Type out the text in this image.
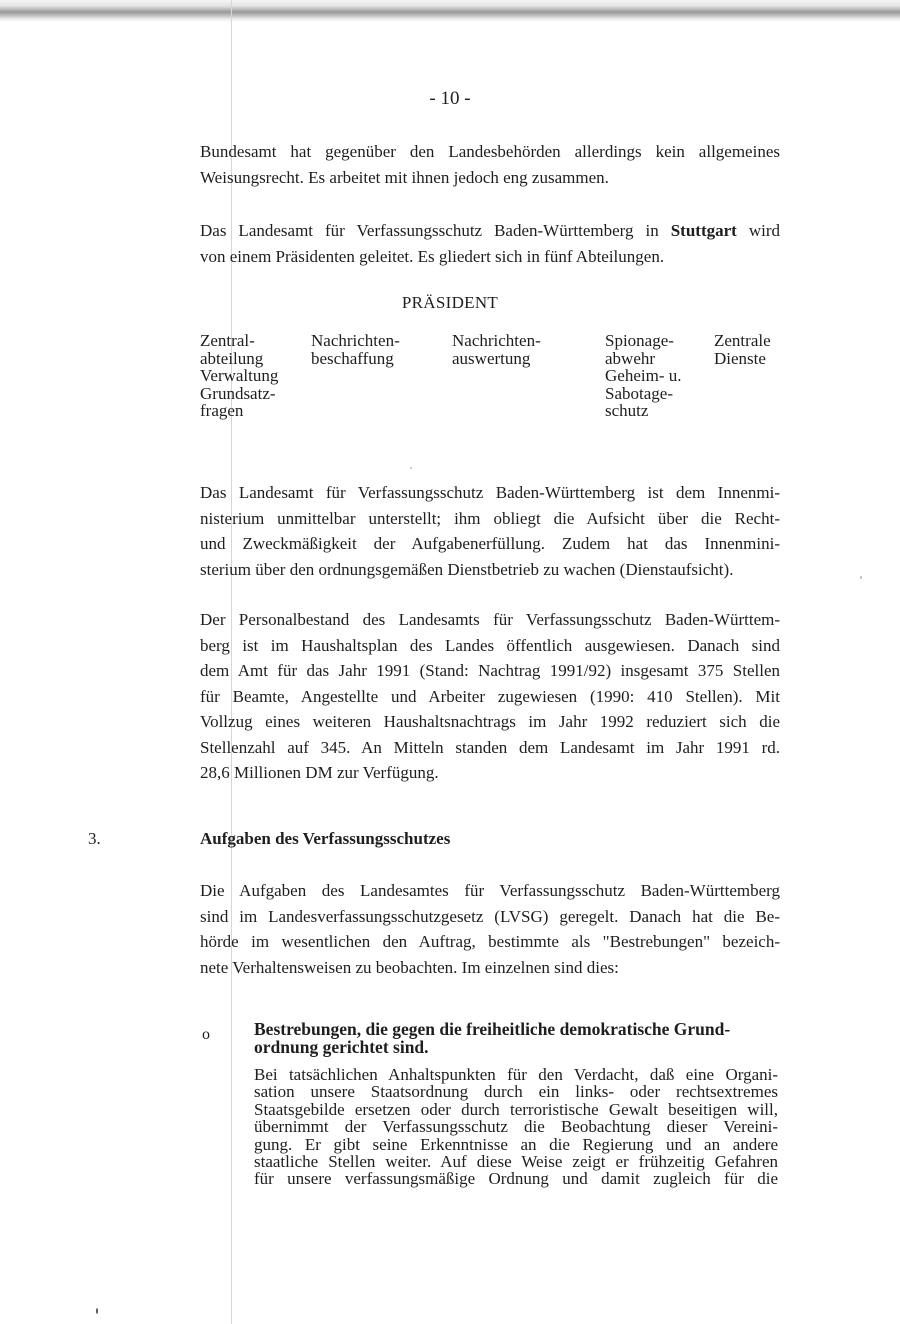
- 10 -

Bundesamt hat gegenüber den Landesbehörden allerdings kein allgemeines
Weisungsrecht. Es arbeitet mit ihnen jedoch eng zusammen.

Das Landesamt für Verfassungsschutz Baden-Württemberg in Stuttgart wird
von einem Präsidenten geleitet. Es gliedert sich in fünf Abteilungen.

PRÄSIDENT
Zentral-
abteilung
Verwaltung
Grundsatz-
fragen
Nachrichten-
beschaffung
Nachrichten-
auswertung
Spionage-
abwehr
Geheim- u.
Sabotage-
schutz
Zentrale
Dienste

Das Landesamt für Verfassungsschutz Baden-Württemberg ist dem Innenmi-
nisterium unmittelbar unterstellt; ihm obliegt die Aufsicht über die Recht-
und Zweckmäßigkeit der Aufgabenerfüllung. Zudem hat das Innenmini-
sterium über den ordnungsgemäßen Dienstbetrieb zu wachen (Dienstaufsicht).

Der Personalbestand des Landesamts für Verfassungsschutz Baden-Württem-
berg ist im Haushaltsplan des Landes öffentlich ausgewiesen. Danach sind
dem Amt für das Jahr 1991 (Stand: Nachtrag 1991/92) insgesamt 375 Stellen
für Beamte, Angestellte und Arbeiter zugewiesen (1990: 410 Stellen). Mit
Vollzug eines weiteren Haushaltsnachtrags im Jahr 1992 reduziert sich die
Stellenzahl auf 345. An Mitteln standen dem Landesamt im Jahr 1991 rd.
28,6 Millionen DM zur Verfügung.

3.	Aufgaben des Verfassungsschutzes

Die Aufgaben des Landesamtes für Verfassungsschutz Baden-Württemberg
sind im Landesverfassungsschutzgesetz (LVSG) geregelt. Danach hat die Be-
hörde im wesentlichen den Auftrag, bestimmte als "Bestrebungen" bezeich-
nete Verhaltensweisen zu beobachten. Im einzelnen sind dies:

o	Bestrebungen, die gegen die freiheitliche demokratische Grund-
ordnung gerichtet sind.
Bei tatsächlichen Anhaltspunkten für den Verdacht, daß eine Organi-
sation unsere Staatsordnung durch ein links- oder rechtsextremes
Staatsgebilde ersetzen oder durch terroristische Gewalt beseitigen will,
übernimmt der Verfassungsschutz die Beobachtung dieser Vereini-
gung. Er gibt seine Erkenntnisse an die Regierung und an andere
staatliche Stellen weiter. Auf diese Weise zeigt er frühzeitig Gefahren
für unsere verfassungsmäßige Ordnung und damit zugleich für die
